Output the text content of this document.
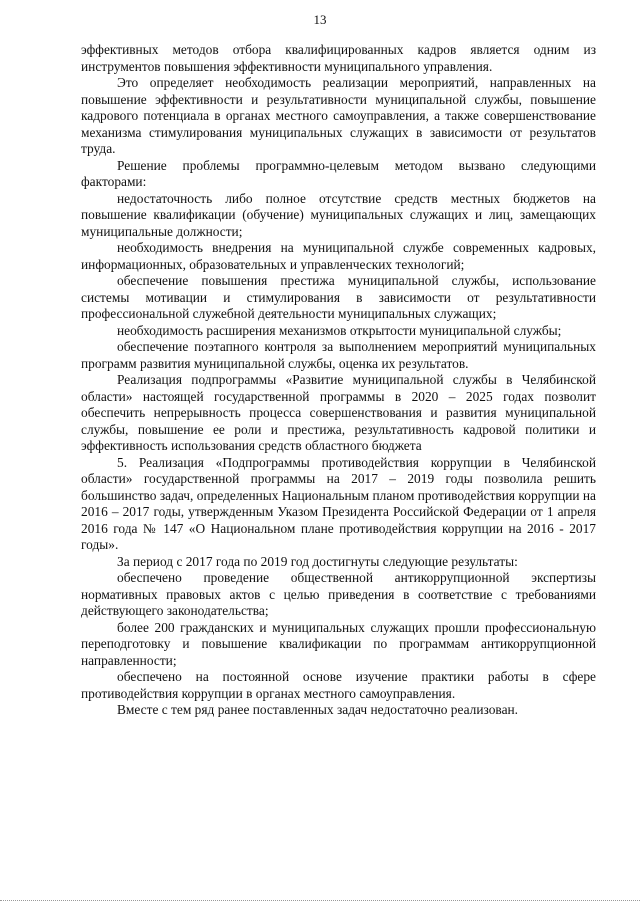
13

эффективных методов отбора квалифицированных кадров является одним из инструментов повышения эффективности муниципального управления.

Это определяет необходимость реализации мероприятий, направленных на повышение эффективности и результативности муниципальной службы, повышение кадрового потенциала в органах местного самоуправления, а также совершенствование механизма стимулирования муниципальных служащих в зависимости от результатов труда.

Решение проблемы программно-целевым методом вызвано следующими факторами:

недостаточность либо полное отсутствие средств местных бюджетов на повышение квалификации (обучение) муниципальных служащих и лиц, замещающих муниципальные должности;

необходимость внедрения на муниципальной службе современных кадровых, информационных, образовательных и управленческих технологий;

обеспечение повышения престижа муниципальной службы, использование системы мотивации и стимулирования в зависимости от результативности профессиональной служебной деятельности муниципальных служащих;

необходимость расширения механизмов открытости муниципальной службы;

обеспечение поэтапного контроля за выполнением мероприятий муниципальных программ развития муниципальной службы, оценка их результатов.

Реализация подпрограммы «Развитие муниципальной службы в Челябинской области» настоящей государственной программы в 2020 – 2025 годах позволит обеспечить непрерывность процесса совершенствования и развития муниципальной службы, повышение ее роли и престижа, результативность кадровой политики и эффективность использования средств областного бюджета

5. Реализация «Подпрограммы противодействия коррупции в Челябинской области» государственной программы на 2017 – 2019 годы позволила решить большинство задач, определенных Национальным планом противодействия коррупции на 2016 – 2017 годы, утвержденным Указом Президента Российской Федерации от 1 апреля 2016 года № 147 «О Национальном плане противодействия коррупции на 2016 - 2017 годы».

За период с 2017 года по 2019 год достигнуты следующие результаты:

обеспечено проведение общественной антикоррупционной экспертизы нормативных правовых актов с целью приведения в соответствие с требованиями действующего законодательства;

более 200 гражданских и муниципальных служащих прошли профессиональную переподготовку и повышение квалификации по программам антикоррупционной направленности;

обеспечено на постоянной основе изучение практики работы в сфере противодействия коррупции в органах местного самоуправления.

Вместе с тем ряд ранее поставленных задач недостаточно реализован.
